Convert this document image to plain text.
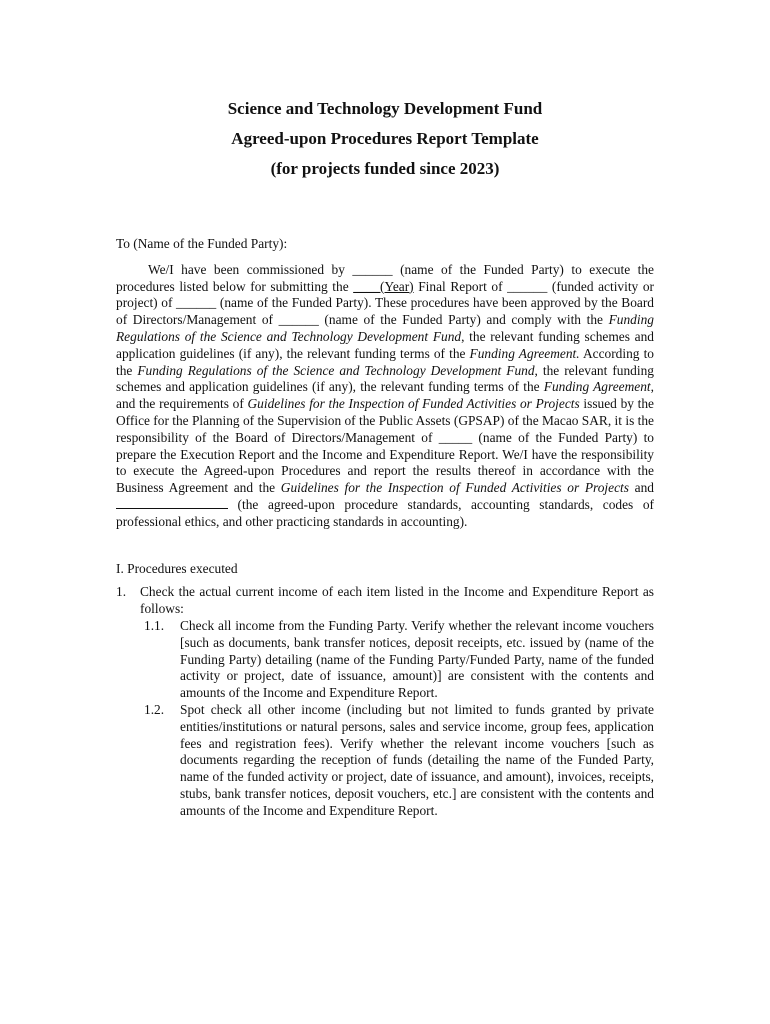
Science and Technology Development Fund
Agreed-upon Procedures Report Template
(for projects funded since 2023)

To (Name of the Funded Party):

We/I have been commissioned by ______ (name of the Funded Party) to execute the procedures listed below for submitting the ____(Year) Final Report of ______ (funded activity or project) of ______ (name of the Funded Party). These procedures have been approved by the Board of Directors/Management of ______ (name of the Funded Party) and comply with the Funding Regulations of the Science and Technology Development Fund, the relevant funding schemes and application guidelines (if any), the relevant funding terms of the Funding Agreement. According to the Funding Regulations of the Science and Technology Development Fund, the relevant funding schemes and application guidelines (if any), the relevant funding terms of the Funding Agreement, and the requirements of Guidelines for the Inspection of Funded Activities or Projects issued by the Office for the Planning of the Supervision of the Public Assets (GPSAP) of the Macao SAR, it is the responsibility of the Board of Directors/Management of _____ (name of the Funded Party) to prepare the Execution Report and the Income and Expenditure Report. We/I have the responsibility to execute the Agreed-upon Procedures and report the results thereof in accordance with the Business Agreement and the Guidelines for the Inspection of Funded Activities or Projects and  (the agreed-upon procedure standards, accounting standards, codes of professional ethics, and other practicing standards in accounting).

I. Procedures executed

1.	Check the actual current income of each item listed in the Income and Expenditure Report as follows:
1.1.	Check all income from the Funding Party. Verify whether the relevant income vouchers [such as documents, bank transfer notices, deposit receipts, etc. issued by (name of the Funding Party) detailing (name of the Funding Party/Funded Party, name of the funded activity or project, date of issuance, amount)] are consistent with the contents and amounts of the Income and Expenditure Report.
1.2.	Spot check all other income (including but not limited to funds granted by private entities/institutions or natural persons, sales and service income, group fees, application fees and registration fees). Verify whether the relevant income vouchers [such as documents regarding the reception of funds (detailing the name of the Funded Party, name of the funded activity or project, date of issuance, and amount), invoices, receipts, stubs, bank transfer notices, deposit vouchers, etc.] are consistent with the contents and amounts of the Income and Expenditure Report.
